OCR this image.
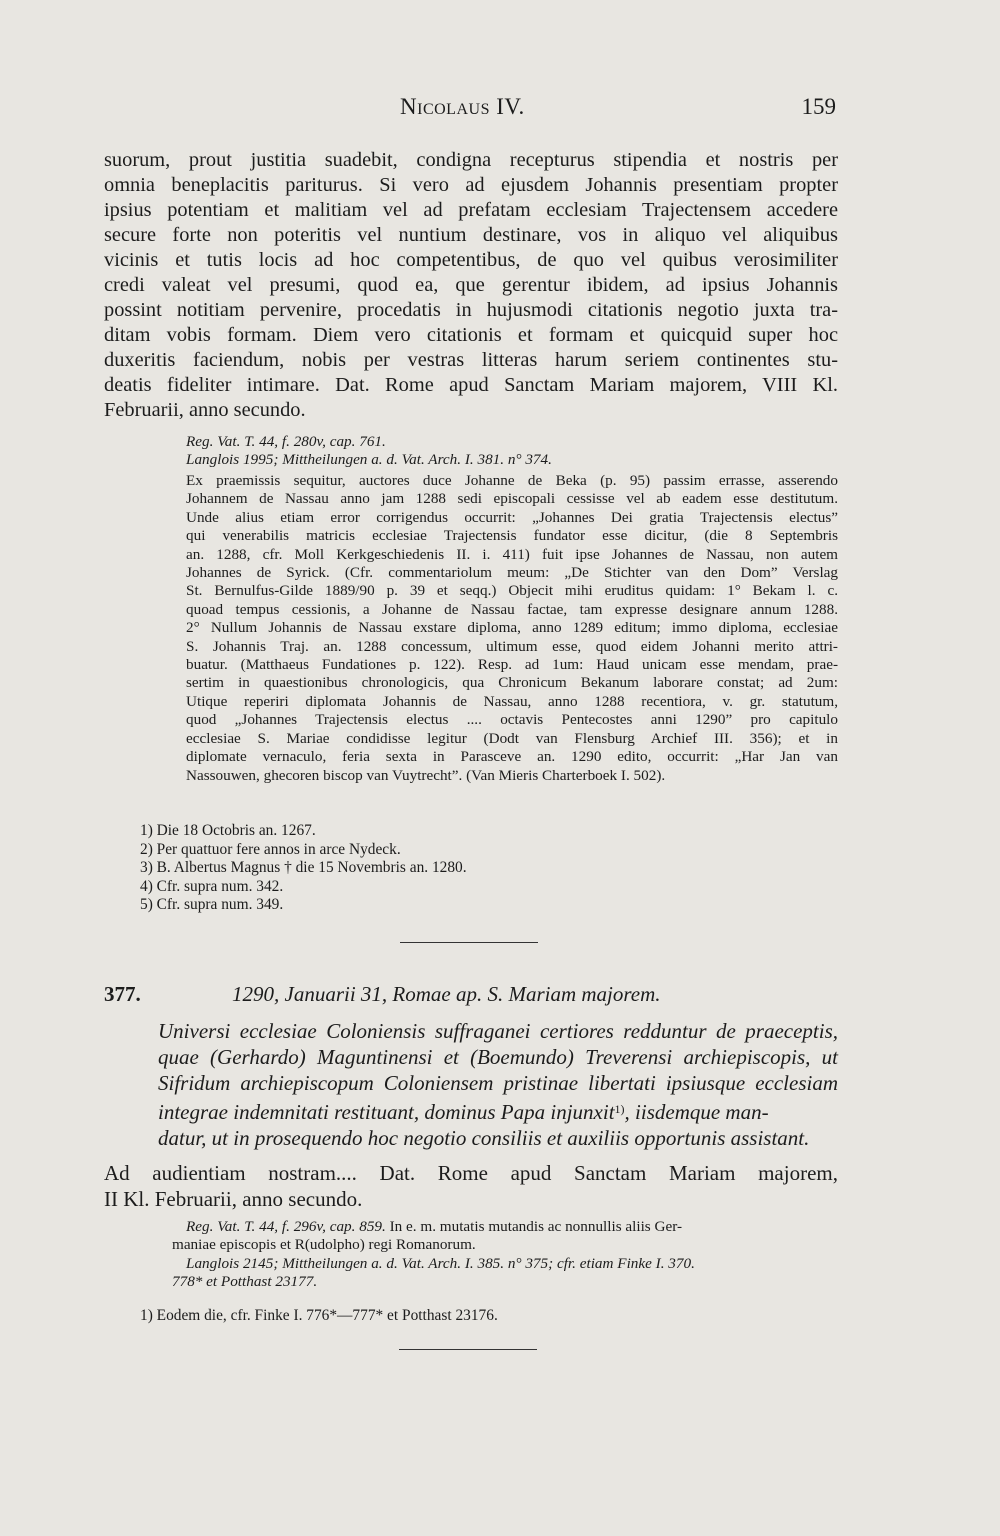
Nicolaus IV.	159
suorum, prout justitia suadebit, condigna recepturus stipendia et nostris per
omnia beneplacitis pariturus. Si vero ad ejusdem Johannis presentiam propter
ipsius potentiam et malitiam vel ad prefatam ecclesiam Trajectensem accedere
secure forte non poteritis vel nuntium destinare, vos in aliquo vel aliquibus
vicinis et tutis locis ad hoc competentibus, de quo vel quibus verosimiliter
credi valeat vel presumi, quod ea, que gerentur ibidem, ad ipsius Johannis
possint notitiam pervenire, procedatis in hujusmodi citationis negotio juxta tra-
ditam vobis formam. Diem vero citationis et formam et quicquid super hoc
duxeritis faciendum, nobis per vestras litteras harum seriem continentes stu-
deatis fideliter intimare. Dat. Rome apud Sanctam Mariam majorem, VIII Kl.
Februarii, anno secundo.
Reg. Vat. T. 44, f. 280v, cap. 761.
Langlois 1995; Mittheilungen a. d. Vat. Arch. I. 381. n° 374.
Ex praemissis sequitur, auctores duce Johanne de Beka (p. 95) passim errasse, asserendo
Johannem de Nassau anno jam 1288 sedi episcopali cessisse vel ab eadem esse destitutum.
Unde alius etiam error corrigendus occurrit: „Johannes Dei gratia Trajectensis electus”
qui venerabilis matricis ecclesiae Trajectensis fundator esse dicitur, (die 8 Septembris
an. 1288, cfr. Moll Kerkgeschiedenis II. i. 411) fuit ipse Johannes de Nassau, non autem
Johannes de Syrick. (Cfr. commentariolum meum: „De Stichter van den Dom” Verslag
St. Bernulfus-Gilde 1889/90 p. 39 et seqq.) Objecit mihi eruditus quidam: 1° Bekam l. c.
quoad tempus cessionis, a Johanne de Nassau factae, tam expresse designare annum 1288.
2° Nullum Johannis de Nassau exstare diploma, anno 1289 editum; immo diploma, ecclesiae
S. Johannis Traj. an. 1288 concessum, ultimum esse, quod eidem Johanni merito attri-
buatur. (Matthaeus Fundationes p. 122). Resp. ad 1um: Haud unicam esse mendam, prae-
sertim in quaestionibus chronologicis, qua Chronicum Bekanum laborare constat; ad 2um:
Utique reperiri diplomata Johannis de Nassau, anno 1288 recentiora, v. gr. statutum,
quod „Johannes Trajectensis electus .... octavis Pentecostes anni 1290” pro capitulo
ecclesiae S. Mariae condidisse legitur (Dodt van Flensburg Archief III. 356); et in
diplomate vernaculo, feria sexta in Parasceve an. 1290 edito, occurrit: „Har Jan van
Nassouwen, ghecoren biscop van Vuytrecht”. (Van Mieris Charterboek I. 502).
1) Die 18 Octobris an. 1267.
2) Per quattuor fere annos in arce Nydeck.
3) B. Albertus Magnus † die 15 Novembris an. 1280.
4) Cfr. supra num. 342.
5) Cfr. supra num. 349.
377.	1290, Januarii 31, Romae ap. S. Mariam majorem.
Universi ecclesiae Coloniensis suffraganei certiores redduntur de praeceptis,
quae (Gerhardo) Maguntinensi et (Boemundo) Treverensi archiepiscopis, ut
Sifridum archiepiscopum Coloniensem pristinae libertati ipsiusque ecclesiam
integrae indemnitati restituant, dominus Papa injunxit$^{1)}$, iisdemque man-
datur, ut in prosequendo hoc negotio consiliis et auxiliis opportunis assistant.
Ad audientiam nostram.... Dat. Rome apud Sanctam Mariam majorem,
II Kl. Februarii, anno secundo.
Reg. Vat. T. 44, f. 296v, cap. 859. In e. m. mutatis mutandis ac nonnullis aliis Ger-
maniae episcopis et R(udolpho) regi Romanorum.
Langlois 2145; Mittheilungen a. d. Vat. Arch. I. 385. n° 375; cfr. etiam Finke I. 370.
778* et Potthast 23177.
1) Eodem die, cfr. Finke I. 776*—777* et Potthast 23176.
